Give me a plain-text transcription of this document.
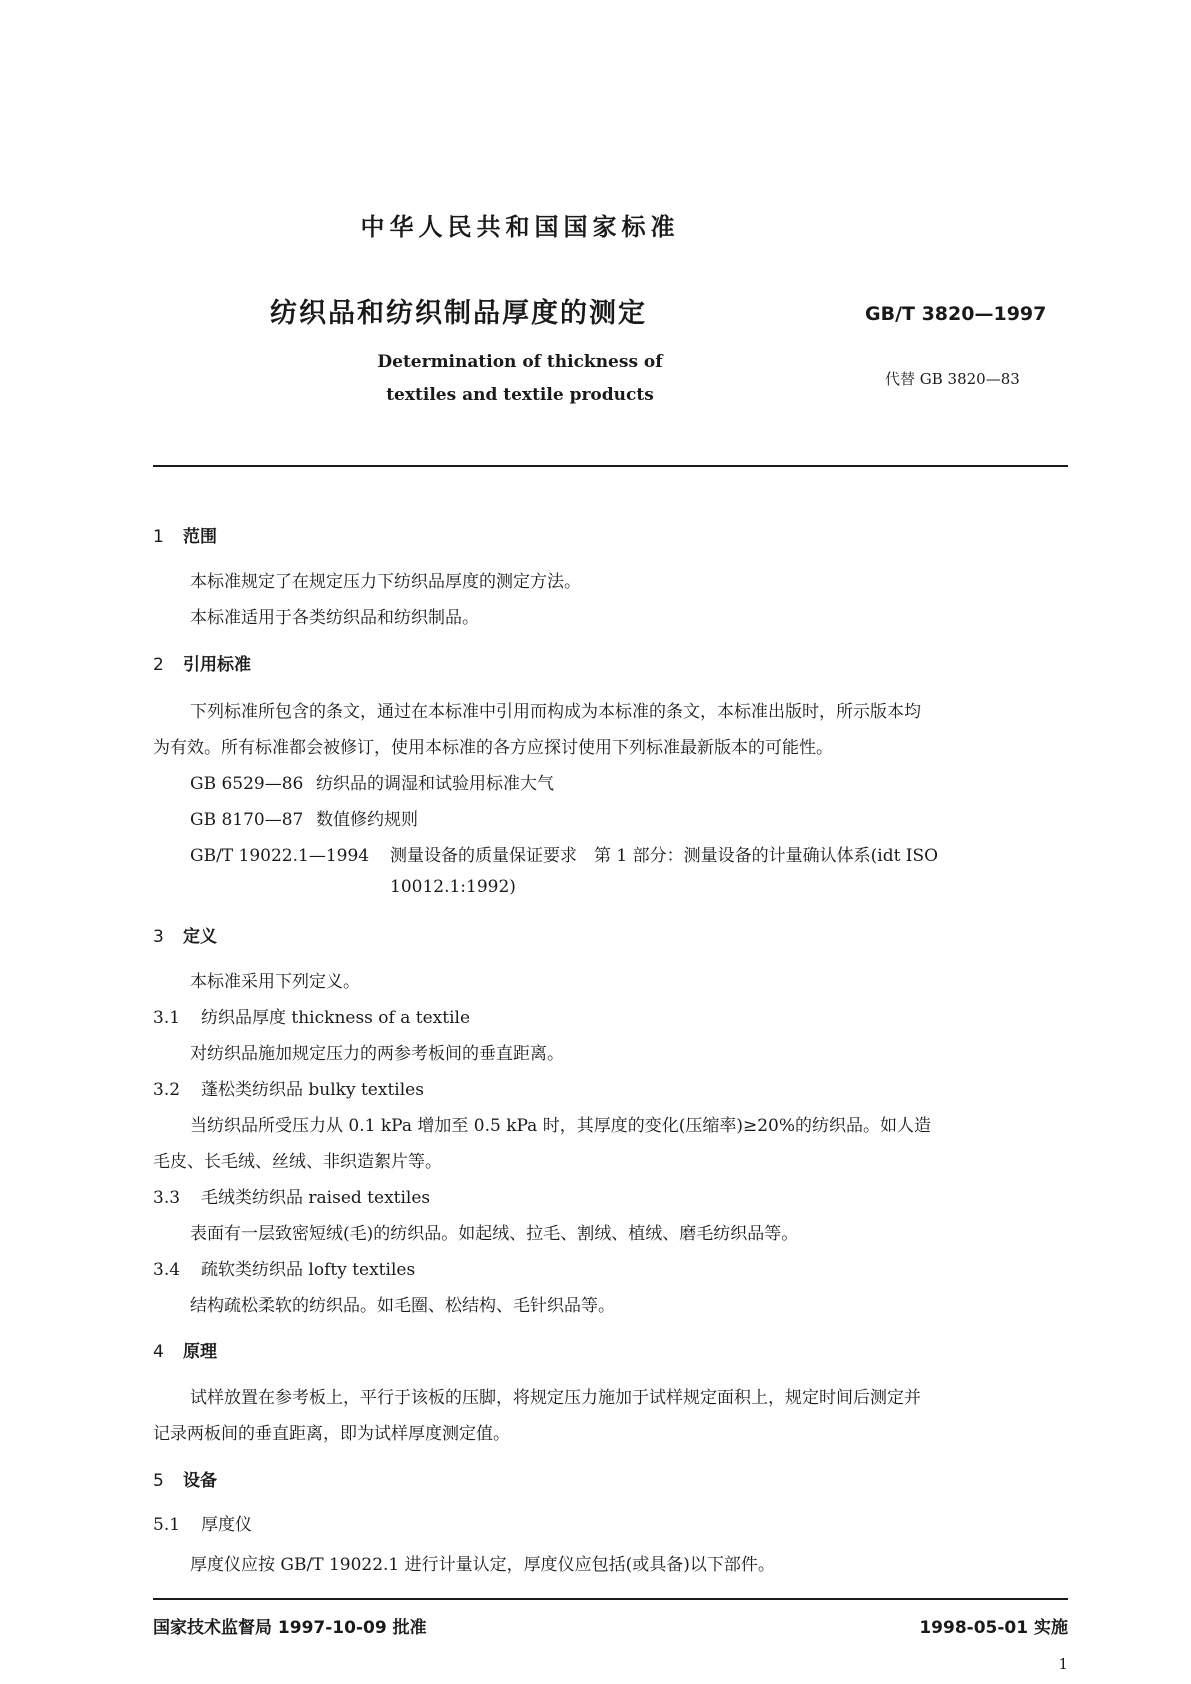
中华人民共和国国家标准
纺织品和纺织制品厚度的测定	GB/T 3820—1997
代替 GB 3820—83
Determination of thickness of
textiles and textile products
1 范围
本标准规定了在规定压力下纺织品厚度的测定方法。
本标准适用于各类纺织品和纺织制品。
2 引用标准
下列标准所包含的条文，通过在本标准中引用而构成为本标准的条文，本标准出版时，所示版本均
为有效。所有标准都会被修订，使用本标准的各方应探讨使用下列标准最新版本的可能性。
GB 6529—86 纺织品的调湿和试验用标准大气
GB 8170—87 数值修约规则
GB/T 19022.1—1994 测量设备的质量保证要求　第 1 部分：测量设备的计量确认体系(idt ISO
10012.1:1992)
3 定义
本标准采用下列定义。
3.1 纺织品厚度 thickness of a textile
对纺织品施加规定压力的两参考板间的垂直距离。
3.2 蓬松类纺织品 bulky textiles
当纺织品所受压力从 0.1 kPa 增加至 0.5 kPa 时，其厚度的变化(压缩率)≥20%的纺织品。如人造
毛皮、长毛绒、丝绒、非织造絮片等。
3.3 毛绒类纺织品 raised textiles
表面有一层致密短绒(毛)的纺织品。如起绒、拉毛、割绒、植绒、磨毛纺织品等。
3.4 疏软类纺织品 lofty textiles
结构疏松柔软的纺织品。如毛圈、松结构、毛针织品等。
4 原理
试样放置在参考板上，平行于该板的压脚，将规定压力施加于试样规定面积上，规定时间后测定并
记录两板间的垂直距离，即为试样厚度测定值。
5 设备
国家技术监督局 1997-10-09 批准	1998-05-01 实施
1
5.1 厚度仪
厚度仪应按 GB/T 19022.1 进行计量认定，厚度仪应包括(或具备)以下部件。
